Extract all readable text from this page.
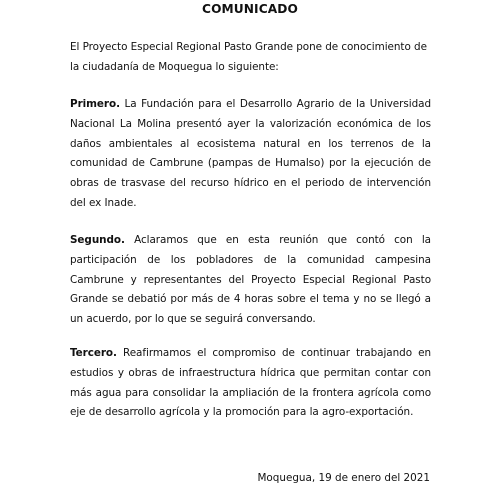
COMUNICADO
El Proyecto Especial Regional Pasto Grande pone de conocimiento de la ciudadanía de Moquegua lo siguiente:
Primero. La Fundación para el Desarrollo Agrario de la Universidad Nacional La Molina presentó ayer la valorización económica de los daños ambientales al ecosistema natural en los terrenos de la comunidad de Cambrune (pampas de Humalso) por la ejecución de obras de trasvase del recurso hídrico en el periodo de intervención del ex Inade.
Segundo. Aclaramos que en esta reunión que contó con la participación de los pobladores de la comunidad campesina Cambrune y representantes del Proyecto Especial Regional Pasto Grande se debatió por más de 4 horas sobre el tema y no se llegó a un acuerdo, por lo que se seguirá conversando.
Tercero. Reafirmamos el compromiso de continuar trabajando en estudios y obras de infraestructura hídrica que permitan contar con más agua para consolidar la ampliación de la frontera agrícola como eje de desarrollo agrícola y la promoción para la agro-exportación.
Moquegua, 19 de enero del 2021
